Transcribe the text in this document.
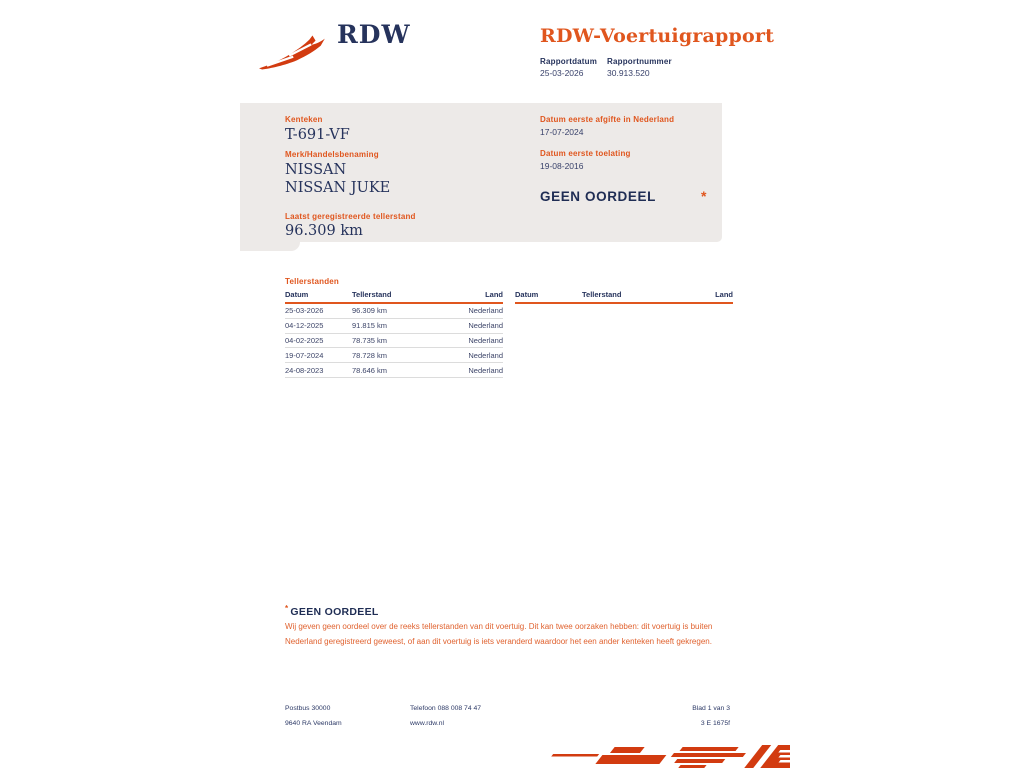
RDW	RDW-Voertuigrapport
Rapportdatum
25-03-2026
Rapportnummer
30.913.520
Kenteken
T-691-VF
Merk/Handelsbenaming
NISSAN NISSAN JUKE
Laatst geregistreerde tellerstand
96.309 km
Datum eerste afgifte in Nederland
17-07-2024
Datum eerste toelating
19-08-2016
GEEN OORDEEL	*
Tellerstanden
Datum	Tellerstand	Land
25-03-2026	96.309 km	Nederland
04-12-2025	91.815 km	Nederland
04-02-2025	78.735 km	Nederland
19-07-2024	78.728 km	Nederland
24-08-2023	78.646 km	Nederland
Datum	Tellerstand	Land
* GEEN OORDEEL
Wij geven geen oordeel over de reeks tellerstanden van dit voertuig. Dit kan twee oorzaken hebben: dit voertuig is buiten Nederland geregistreerd geweest, of aan dit voertuig is iets veranderd waardoor het een ander kenteken heeft gekregen.
Postbus 30000
9640 RA Veendam
Telefoon 088 008 74 47
www.rdw.nl
Blad 1 van 3
3 E 1675f
